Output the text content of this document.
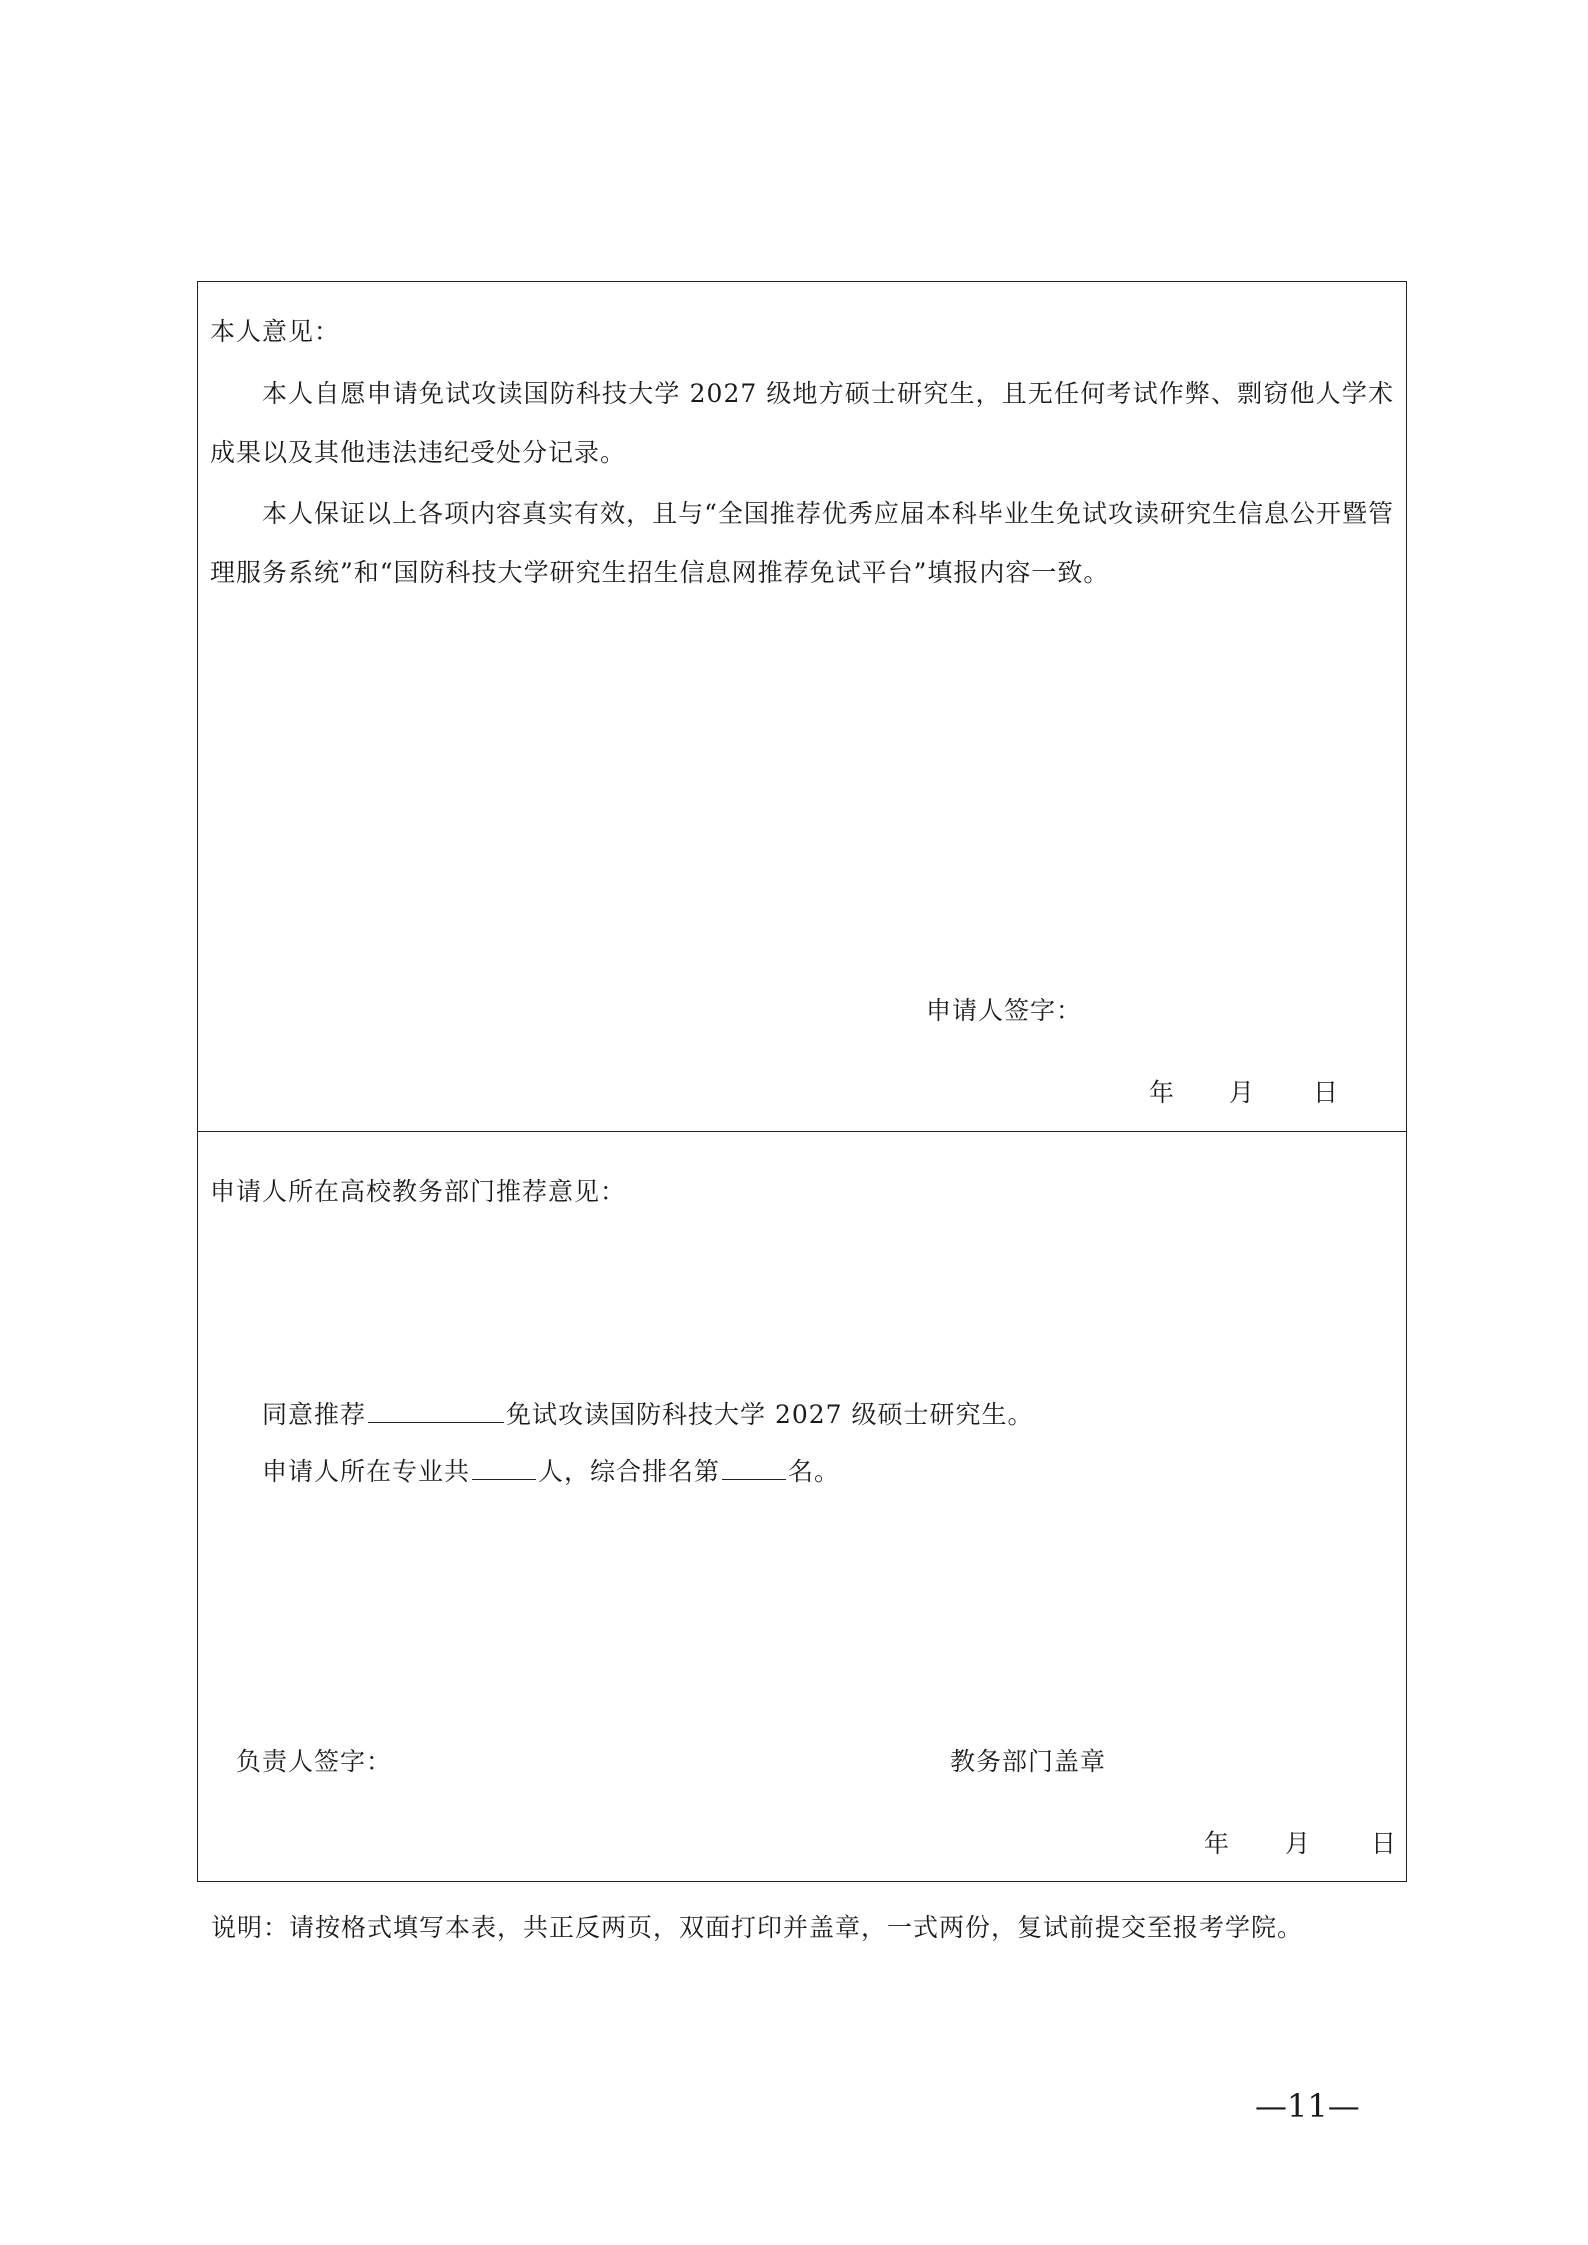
本人意见：
本人自愿申请免试攻读国防科技大学 2027 级地方硕士研究生，且无任何考试作弊、剽窃他人学术成果以及其他违法违纪受处分记录。
本人保证以上各项内容真实有效，且与“全国推荐优秀应届本科毕业生免试攻读研究生信息公开暨管理服务系统”和“国防科技大学研究生招生信息网推荐免试平台”填报内容一致。
申请人签字：
年 月 日
申请人所在高校教务部门推荐意见：
同意推荐	免试攻读国防科技大学 2027 级硕士研究生。
申请人所在专业共	人，综合排名第	名。
负责人签字：	教务部门盖章
年 月 日
说明：请按格式填写本表，共正反两页，双面打印并盖章，一式两份，复试前提交至报考学院。
—11—
